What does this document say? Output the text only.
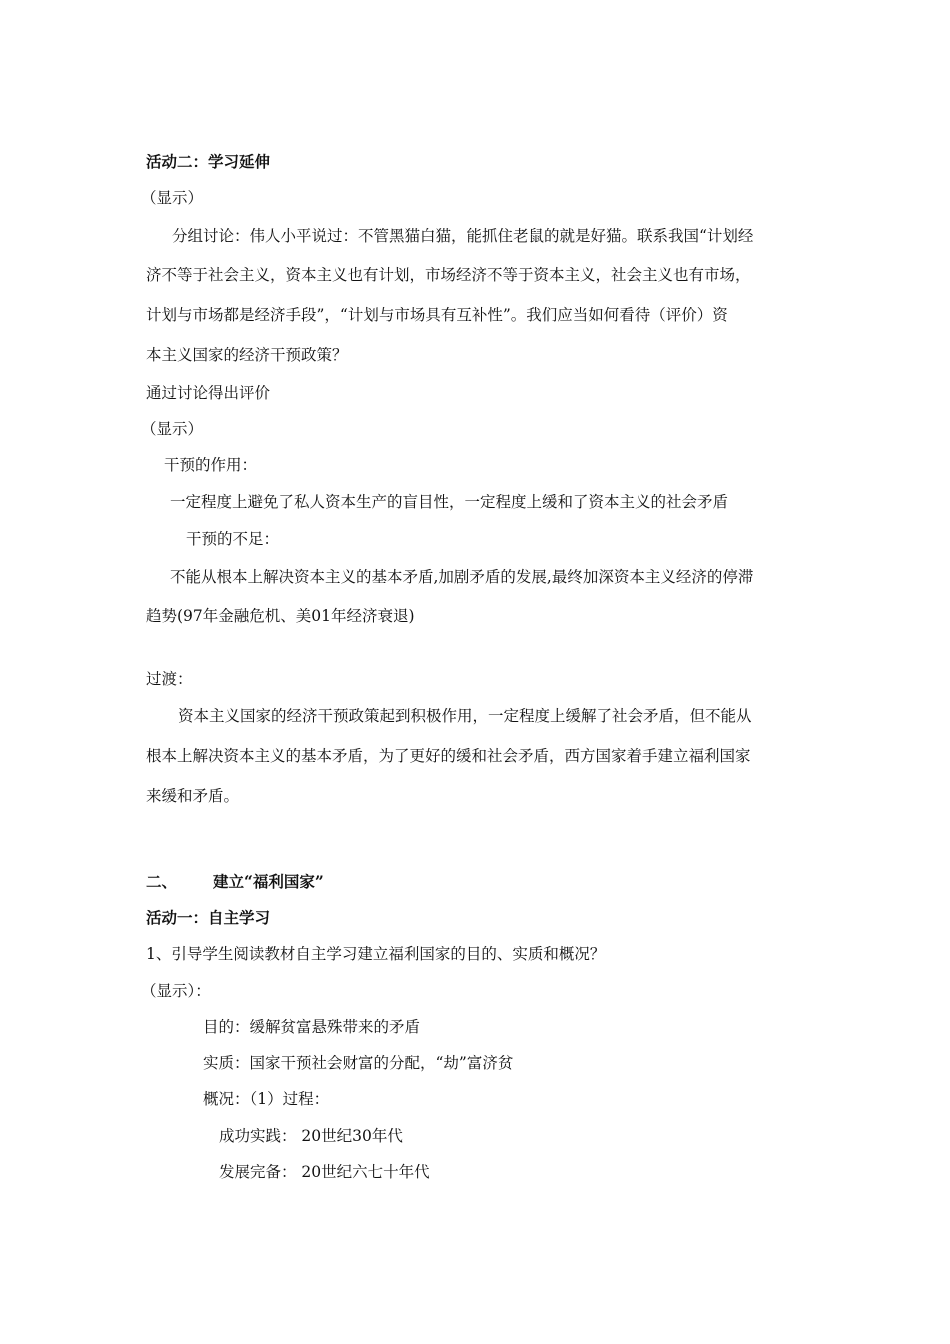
活动二：学习延伸
（显示）
分组讨论：伟人小平说过：不管黑猫白猫，能抓住老鼠的就是好猫。联系我国“计划经
济不等于社会主义，资本主义也有计划，市场经济不等于资本主义，社会主义也有市场，
计划与市场都是经济手段”，“计划与市场具有互补性”。我们应当如何看待（评价）资
本主义国家的经济干预政策？
通过讨论得出评价
（显示）
干预的作用：
一定程度上避免了私人资本生产的盲目性，一定程度上缓和了资本主义的社会矛盾
干预的不足：
不能从根本上解决资本主义的基本矛盾,加剧矛盾的发展,最终加深资本主义经济的停滞
趋势(97年金融危机、美01年经济衰退)
过渡：
资本主义国家的经济干预政策起到积极作用，一定程度上缓解了社会矛盾，但不能从
根本上解决资本主义的基本矛盾，为了更好的缓和社会矛盾，西方国家着手建立福利国家
来缓和矛盾。
二、 建立“福利国家”
活动一：自主学习
1、引导学生阅读教材自主学习建立福利国家的目的、实质和概况？
（显示）：
目的：缓解贫富悬殊带来的矛盾
实质：国家干预社会财富的分配，“劫”富济贫
概况：（1）过程：
成功实践： 20世纪30年代
发展完备： 20世纪六七十年代
